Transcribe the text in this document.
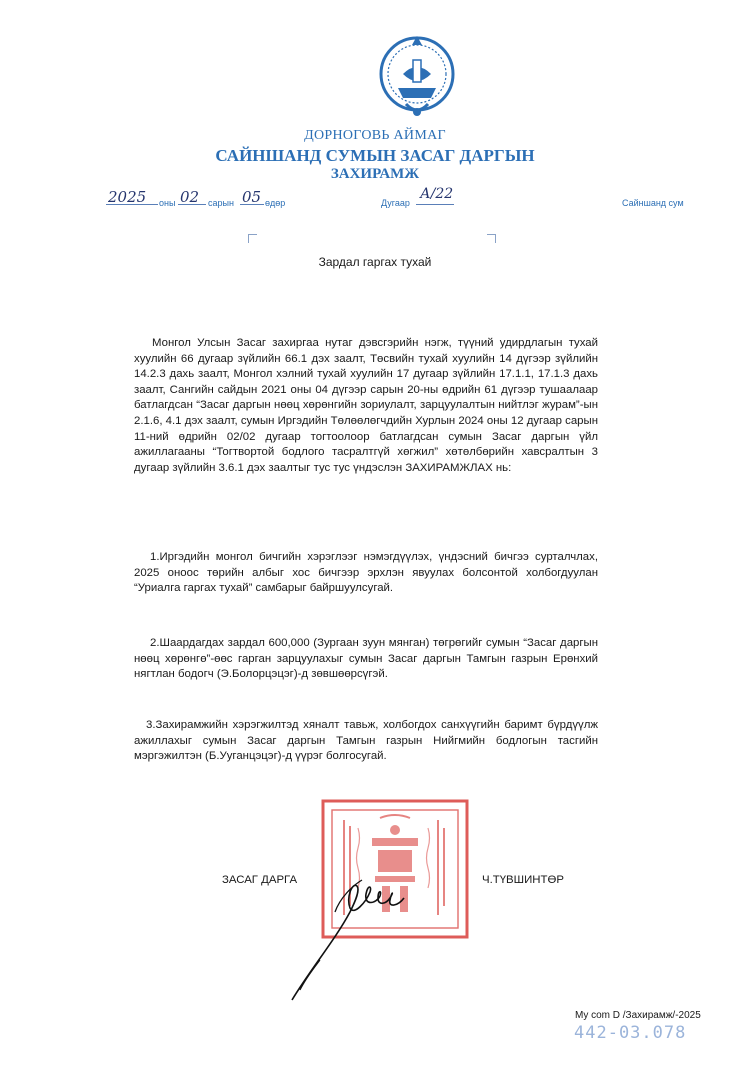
ДОРНОГОВЬ АЙМАГ
САЙНШАНД СУМЫН ЗАСАГ ДАРГЫН
ЗАХИРАМЖ
2025 оны 02 сарын 05 өдөр	Дугаар
А/22
Сайншанд сум
Зардал гаргах тухай
Монгол Улсын Засаг захиргаа нутаг дэвсгэрийн нэгж, түүний удирдлагын тухай хуулийн 66 дугаар зүйлийн 66.1 дэх заалт, Төсвийн тухай хуулийн 14 дүгээр зүйлийн 14.2.3 дахь заалт, Монгол хэлний тухай хуулийн 17 дугаар зүйлийн 17.1.1, 17.1.3 дахь заалт, Сангийн сайдын 2021 оны 04 дүгээр сарын 20-ны өдрийн 61 дүгээр тушаалаар батлагдсан “Засаг даргын нөөц хөрөнгийн зориулалт, зарцуулалтын нийтлэг журам”-ын 2.1.6, 4.1 дэх заалт, сумын Иргэдийн Төлөөлөгчдийн Хурлын 2024 оны 12 дугаар сарын 11-ний өдрийн 02/02 дугаар тогтоолоор батлагдсан сумын Засаг даргын үйл ажиллагааны “Тогтвортой бодлого тасралтгүй хөгжил” хөтөлбөрийн хавсралтын 3 дугаар зүйлийн 3.6.1 дэх заалтыг тус тус үндэслэн ЗАХИРАМЖЛАХ нь:
1.Иргэдийн монгол бичгийн хэрэглээг нэмэгдүүлэх, үндэсний бичгээ сурталчлах, 2025 оноос төрийн албыг хос бичгээр эрхлэн явуулах болсонтой холбогдуулан “Уриалга гаргах тухай” самбарыг байршуулсугай.
2.Шаардагдах зардал 600,000 (Зургаан зуун мянган) төгрөгийг сумын “Засаг даргын нөөц хөрөнгө”-өөс гарган зарцуулахыг сумын Засаг даргын Тамгын газрын Ерөнхий нягтлан бодогч (Э.Болорцэцэг)-д зөвшөөрсүгэй.
3.Захирамжийн хэрэгжилтэд хяналт тавьж, холбогдох санхүүгийн баримт бүрдүүлж ажиллахыг сумын Засаг даргын Тамгын газрын Нийгмийн бодлогын тасгийн мэргэжилтэн (Б.Ууганцэцэг)-д үүрэг болгосугай.
ЗАСАГ ДАРГА	Ч.ТҮВШИНТӨР
My com D /Захирамж/-2025
442-03.078
